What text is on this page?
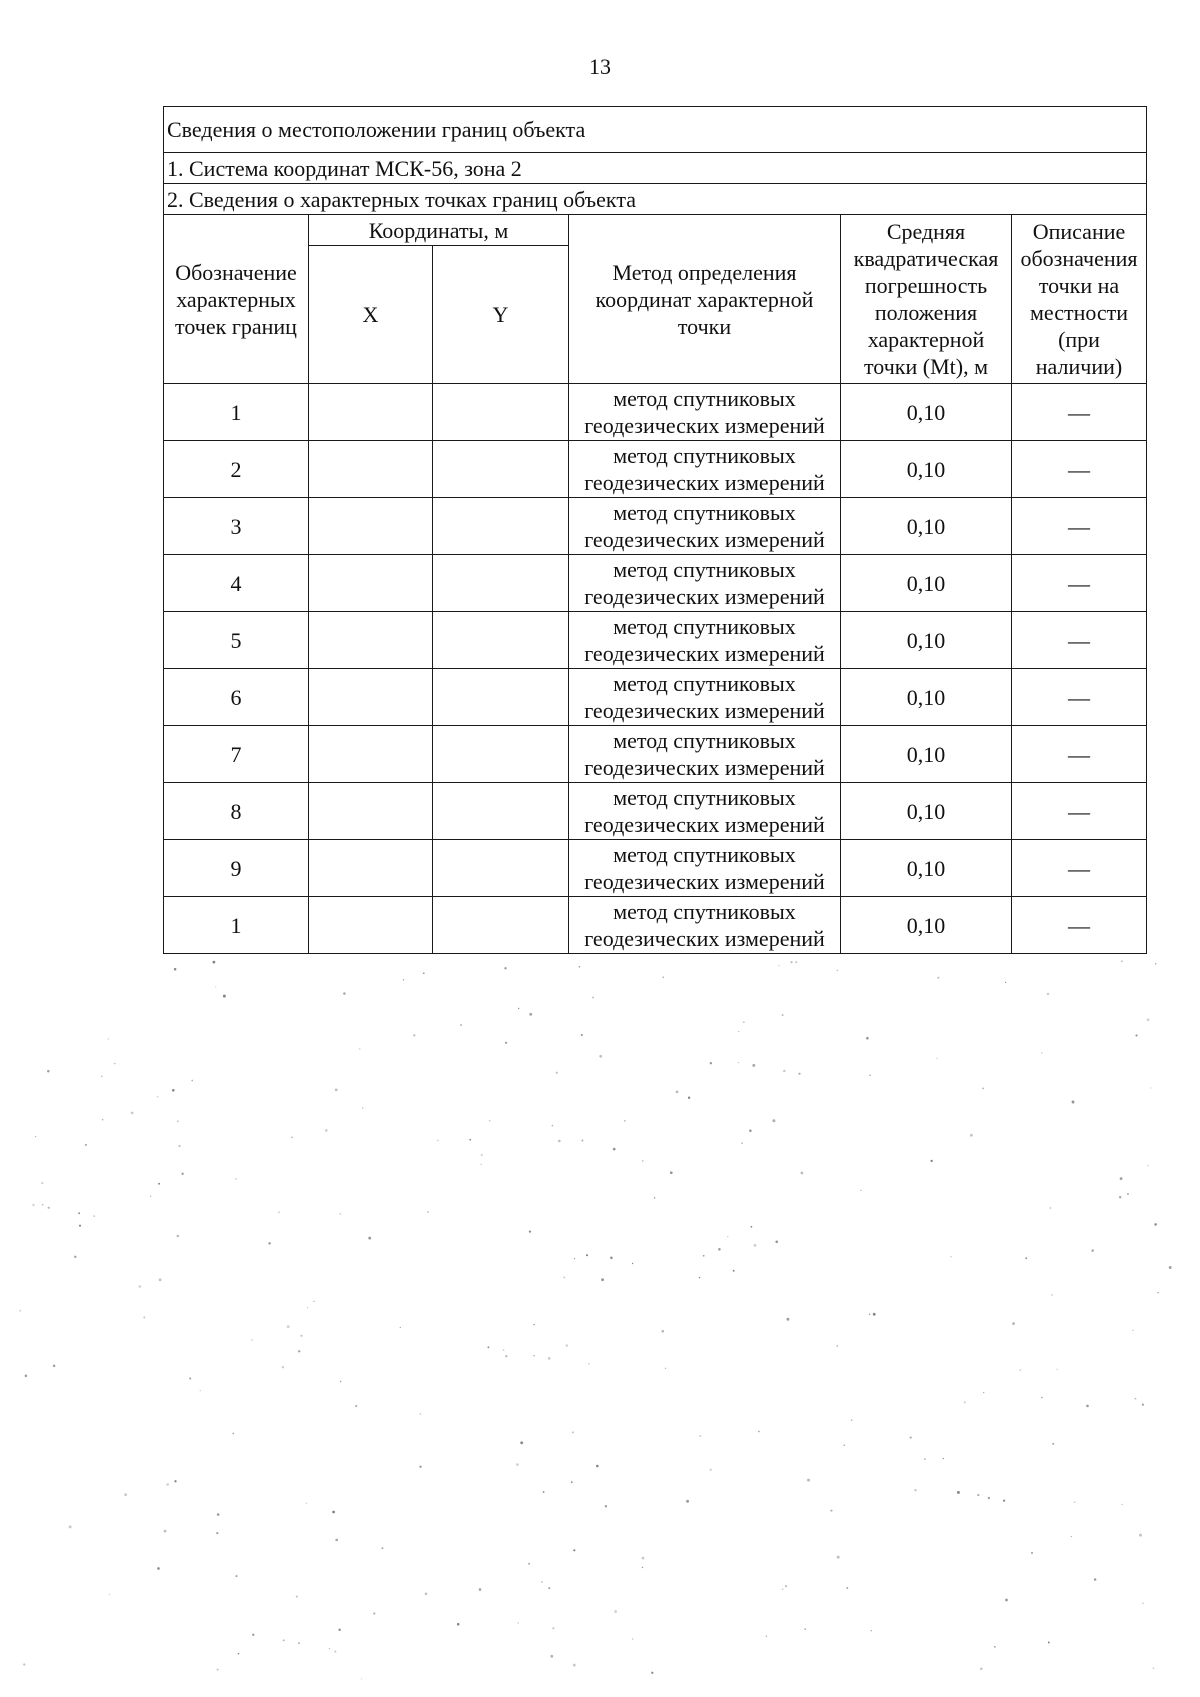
13
Сведения о местоположении границ объекта					
1. Система координат МСК-56, зона 2					
2. Сведения о характерных точках границ объекта					
Обозначение характерных точек границ	Координаты, м		Метод определения координат характерной точки	Средняя квадратическая погрешность положения характерной точки (Mt), м	Описание обозначения точки на местности (при наличии)
	X	Y			
1			метод спутниковых геодезических измерений	0,10	—
2			метод спутниковых геодезических измерений	0,10	—
3			метод спутниковых геодезических измерений	0,10	—
4			метод спутниковых геодезических измерений	0,10	—
5			метод спутниковых геодезических измерений	0,10	—
6			метод спутниковых геодезических измерений	0,10	—
7			метод спутниковых геодезических измерений	0,10	—
8			метод спутниковых геодезических измерений	0,10	—
9			метод спутниковых геодезических измерений	0,10	—
1			метод спутниковых геодезических измерений	0,10	—
